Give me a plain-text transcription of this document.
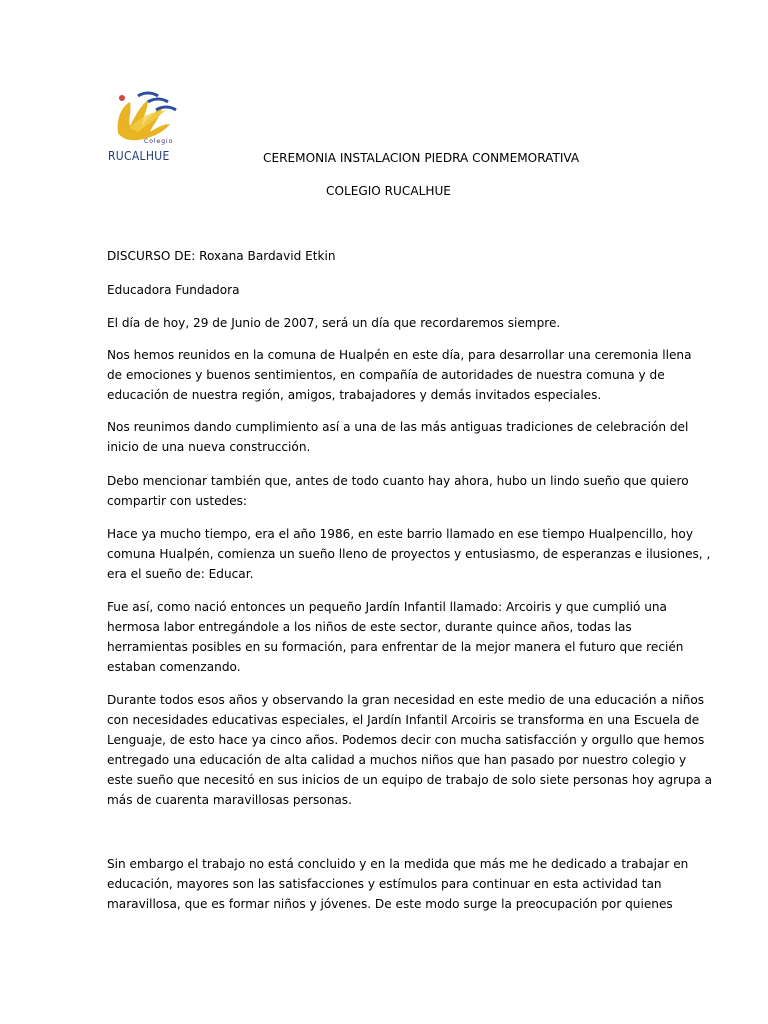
Colegio
RUCALHUE	CEREMONIA INSTALACION PIEDRA CONMEMORATIVA
COLEGIO RUCALHUE
DISCURSO DE: Roxana Bardavid Etkin
Educadora Fundadora
El día de hoy, 29 de Junio de 2007, será un día que recordaremos siempre.
Nos hemos reunidos en la comuna de Hualpén en este día, para desarrollar una ceremonia llena
de emociones y buenos sentimientos, en compañía de autoridades de nuestra comuna y de
educación de nuestra región, amigos, trabajadores y demás invitados especiales.
Nos reunimos dando cumplimiento así a una de las más antiguas tradiciones de celebración del
inicio de una nueva construcción.
Debo mencionar también que, antes de todo cuanto hay ahora, hubo un lindo sueño que quiero
compartir con ustedes:
Hace ya mucho tiempo, era el año 1986, en este barrio llamado en ese tiempo Hualpencillo, hoy
comuna Hualpén, comienza un sueño lleno de proyectos y entusiasmo, de esperanzas e ilusiones, ,
era el sueño de: Educar.
Fue así, como nació entonces un pequeño Jardín Infantil llamado: Arcoiris y que cumplió una
hermosa labor entregándole a los niños de este sector, durante quince años, todas las
herramientas posibles en su formación, para enfrentar de la mejor manera el futuro que recién
estaban comenzando.
Durante todos esos años y observando la gran necesidad en este medio de una educación a niños
con necesidades educativas especiales, el Jardín Infantil Arcoiris se transforma en una Escuela de
Lenguaje, de esto hace ya cinco años. Podemos decir con mucha satisfacción y orgullo que hemos
entregado una educación de alta calidad a muchos niños que han pasado por nuestro colegio y
este sueño que necesitó en sus inicios de un equipo de trabajo de solo siete personas hoy agrupa a
más de cuarenta maravillosas personas.
Sin embargo el trabajo no está concluido y en la medida que más me he dedicado a trabajar en
educación, mayores son las satisfacciones y estímulos para continuar en esta actividad tan
maravillosa, que es formar niños y jóvenes. De este modo surge la preocupación por quienes
